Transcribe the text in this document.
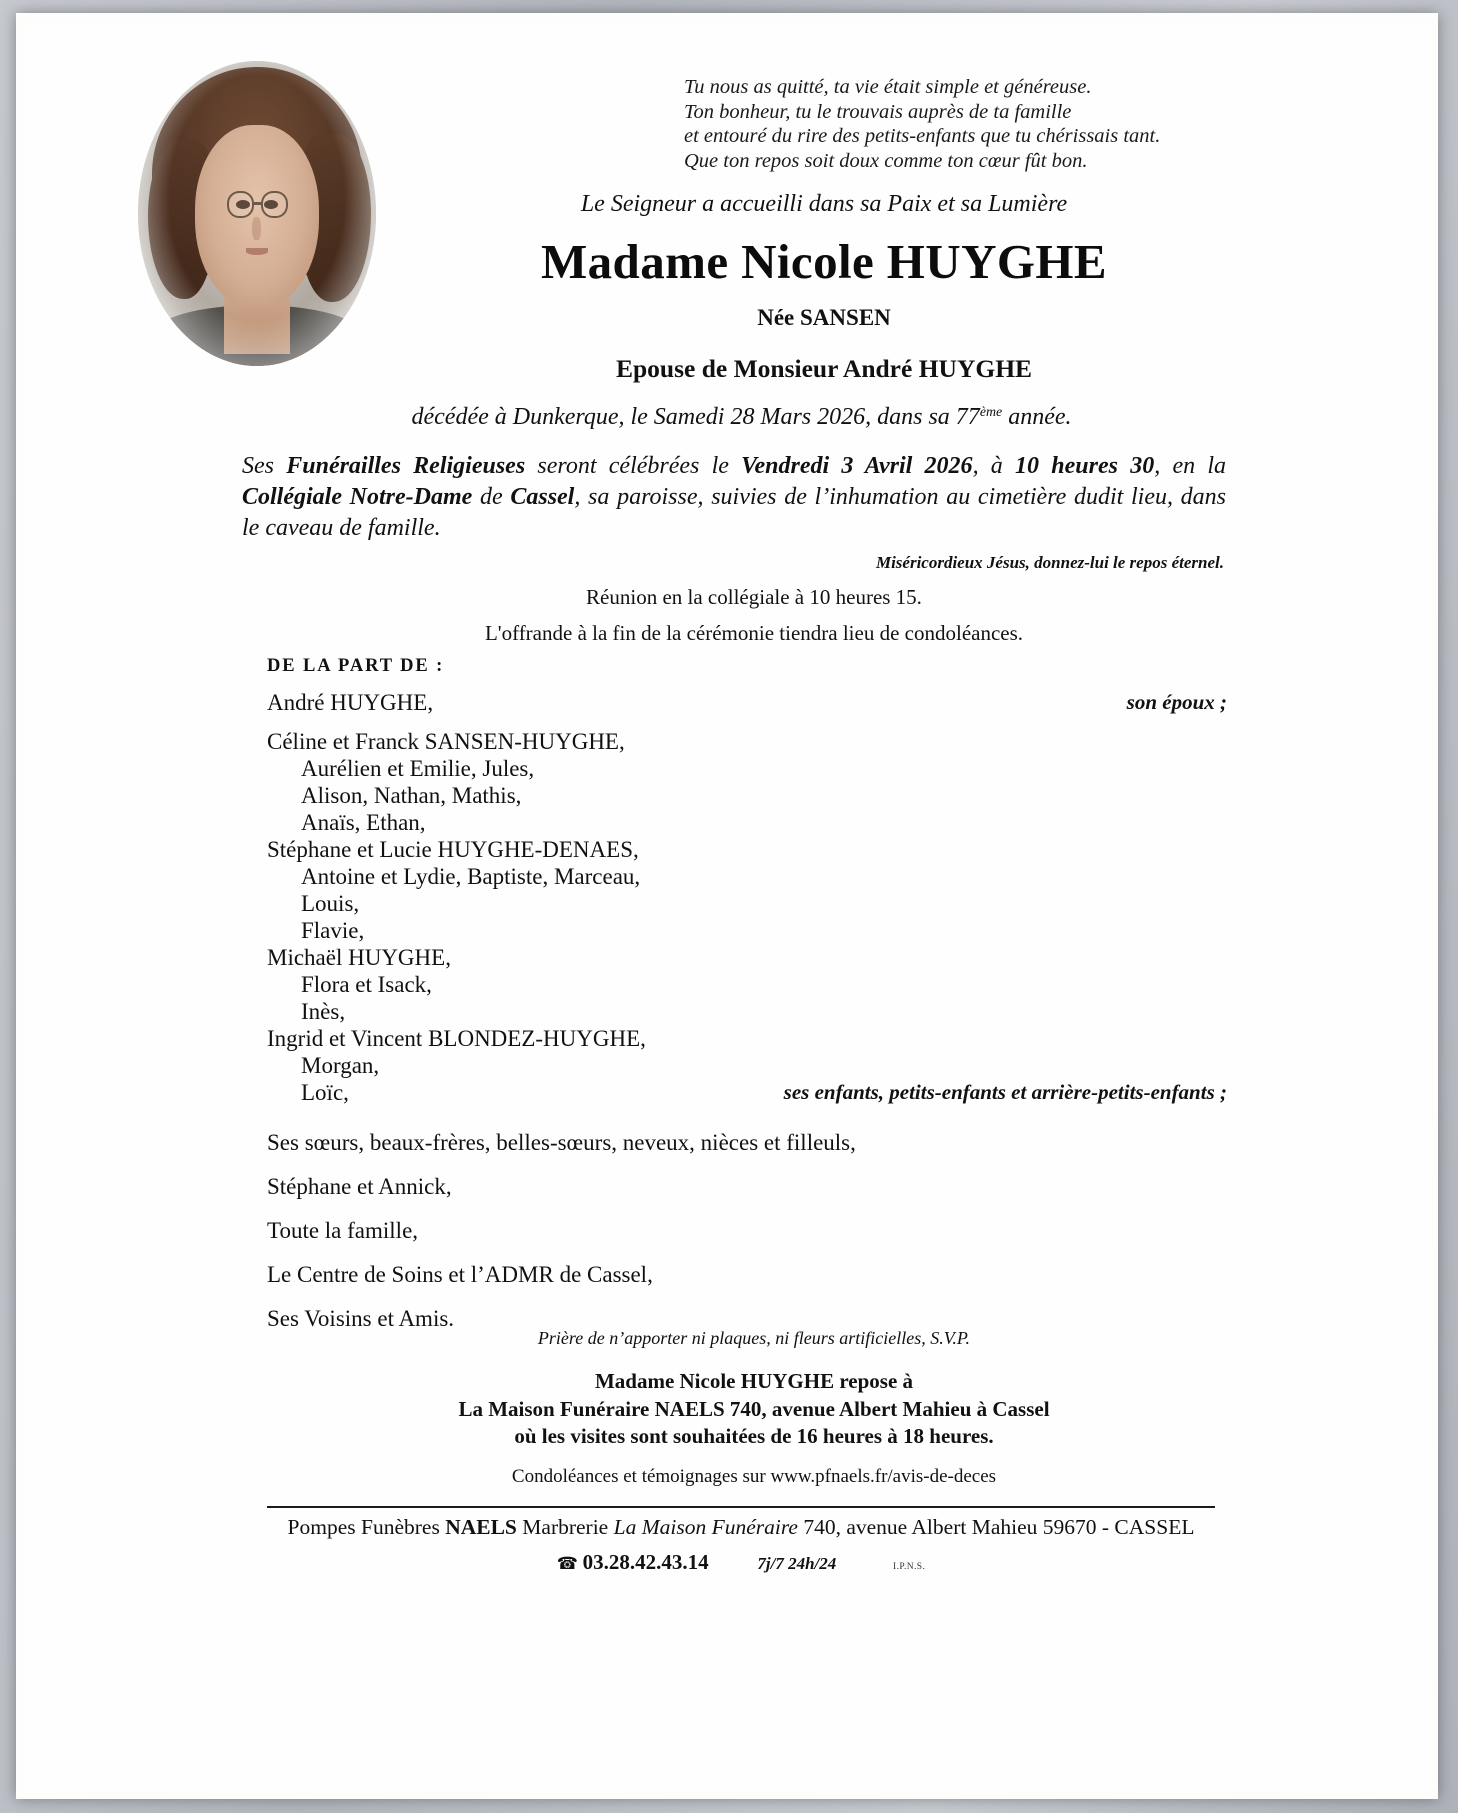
Tu nous as quitté, ta vie était simple et généreuse.
Ton bonheur, tu le trouvais auprès de ta famille
et entouré du rire des petits-enfants que tu chérissais tant.
Que ton repos soit doux comme ton cœur fût bon.
Le Seigneur a accueilli dans sa Paix et sa Lumière
Madame Nicole HUYGHE
Née SANSEN
Epouse de Monsieur André HUYGHE
décédée à Dunkerque, le Samedi 28 Mars 2026, dans sa 77ème année.
Ses Funérailles Religieuses seront célébrées le Vendredi 3 Avril 2026, à 10 heures 30, en la Collégiale Notre-Dame de Cassel, sa paroisse, suivies de l’inhumation au cimetière dudit lieu, dans le caveau de famille.
Miséricordieux Jésus, donnez-lui le repos éternel.
Réunion en la collégiale à 10 heures 15.
L'offrande à la fin de la cérémonie tiendra lieu de condoléances.
DE LA PART DE :
André HUYGHE,	son époux ;
Céline et Franck SANSEN-HUYGHE,
Aurélien et Emilie, Jules,
Alison, Nathan, Mathis,
Anaïs, Ethan,
Stéphane et Lucie HUYGHE-DENAES,
Antoine et Lydie, Baptiste, Marceau,
Louis,
Flavie,
Michaël HUYGHE,
Flora et Isack,
Inès,
Ingrid et Vincent BLONDEZ-HUYGHE,
Morgan,
Loïc,	ses enfants, petits-enfants et arrière-petits-enfants ;
Ses sœurs, beaux-frères, belles-sœurs, neveux, nièces et filleuls,
Stéphane et Annick,
Toute la famille,
Le Centre de Soins et l’ADMR de Cassel,
Ses Voisins et Amis.
Prière de n’apporter ni plaques, ni fleurs artificielles, S.V.P.
Madame Nicole HUYGHE repose à
La Maison Funéraire NAELS 740, avenue Albert Mahieu à Cassel
où les visites sont souhaitées de 16 heures à 18 heures.
Condoléances et témoignages sur www.pfnaels.fr/avis-de-deces
Pompes Funèbres NAELS Marbrerie La Maison Funéraire 740, avenue Albert Mahieu 59670 - CASSEL
☎ 03.28.42.43.14	7j/7 24h/24	I.P.N.S.
